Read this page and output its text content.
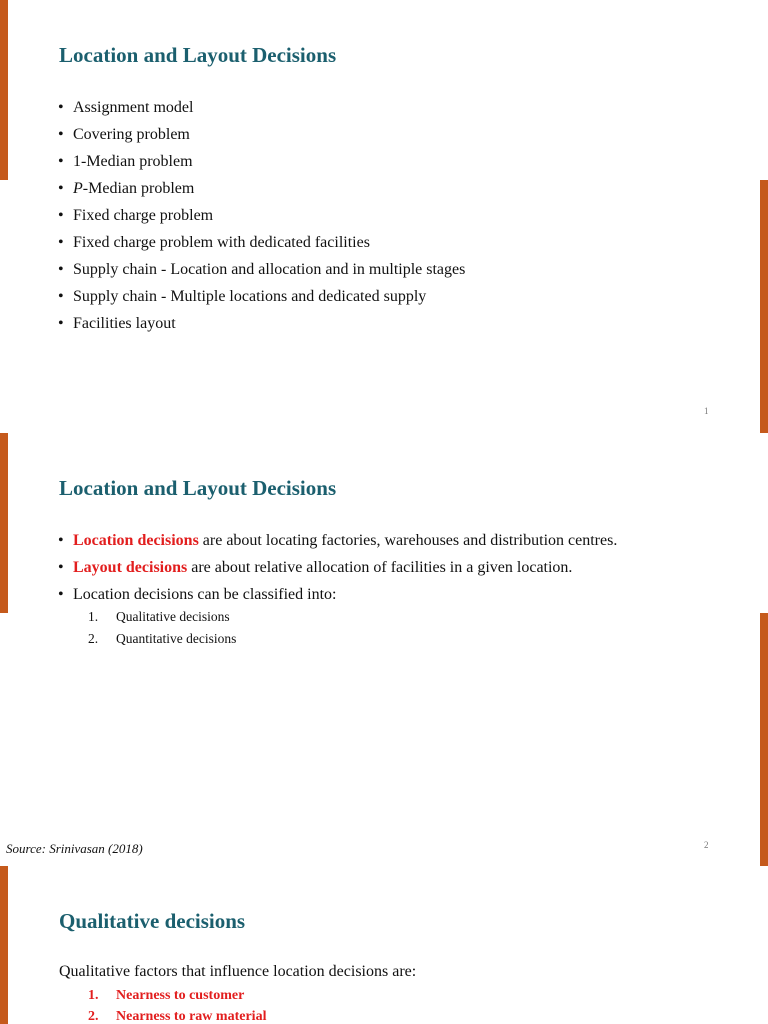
Location and Layout Decisions
• Assignment model
• Covering problem
• 1-Median problem
• P-Median problem
• Fixed charge problem
• Fixed charge problem with dedicated facilities
• Supply chain - Location and allocation and in multiple stages
• Supply chain - Multiple locations and dedicated supply
• Facilities layout
1
Location and Layout Decisions
• Location decisions are about locating factories, warehouses and distribution centres.
• Layout decisions are about relative allocation of facilities in a given location.
• Location decisions can be classified into:
1. Qualitative decisions
2. Quantitative decisions
Source: Srinivasan (2018)	2
Qualitative decisions
Qualitative factors that influence location decisions are:
1. Nearness to customer
2. Nearness to raw material
